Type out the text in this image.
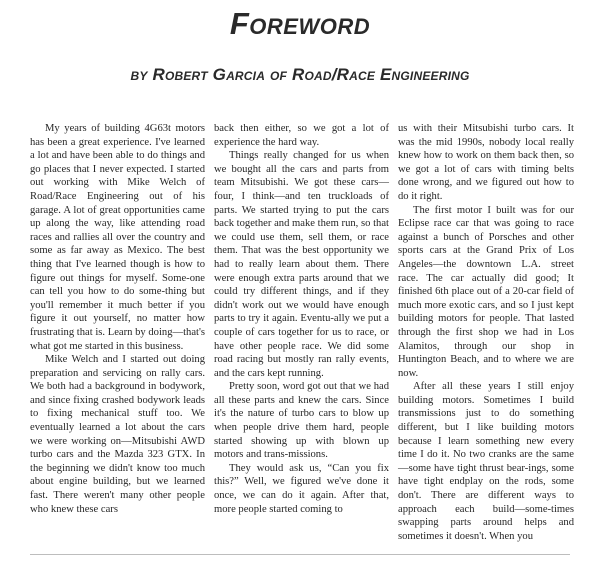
Foreword
by Robert Garcia of Road/Race Engineering

My years of building 4G63t motors has been a great experience. I've learned a lot and have been able to do things and go places that I never expected. I started out working with Mike Welch of Road/Race Engineering out of his garage. A lot of great opportunities came up along the way, like attending road races and rallies all over the country and some as far away as Mexico. The best thing that I've learned though is how to figure out things for myself. Some-one can tell you how to do some-thing but you'll remember it much better if you figure it out yourself, no matter how frustrating that is. Learn by doing—that's what got me started in this business.

Mike Welch and I started out doing preparation and servicing on rally cars. We both had a background in bodywork, and since fixing crashed bodywork leads to fixing mechanical stuff too. We eventually learned a lot about the cars we were working on—Mitsubishi AWD turbo cars and the Mazda 323 GTX. In the beginning we didn't know too much about engine building, but we learned fast. There weren't many other people who knew these cars

back then either, so we got a lot of experience the hard way.

Things really changed for us when we bought all the cars and parts from team Mitsubishi. We got these cars—four, I think—and ten truckloads of parts. We started trying to put the cars back together and make them run, so that we could use them, sell them, or race them. That was the best opportunity we had to really learn about them. There were enough extra parts around that we could try different things, and if they didn't work out we would have enough parts to try it again. Eventu-ally we put a couple of cars together for us to race, or have other people race. We did some road racing but mostly ran rally events, and the cars kept running.

Pretty soon, word got out that we had all these parts and knew the cars. Since it's the nature of turbo cars to blow up when people drive them hard, people started showing up with blown up motors and trans-missions.

They would ask us, “Can you fix this?” Well, we figured we've done it once, we can do it again. After that, more people started coming to

us with their Mitsubishi turbo cars. It was the mid 1990s, nobody local really knew how to work on them back then, so we got a lot of cars with timing belts done wrong, and we figured out how to do it right.

The first motor I built was for our Eclipse race car that was going to race against a bunch of Porsches and other sports cars at the Grand Prix of Los Angeles—the downtown L.A. street race. The car actually did good; It finished 6th place out of a 20-car field of much more exotic cars, and so I just kept building motors for people. That lasted through the first shop we had in Los Alamitos, through our shop in Huntington Beach, and to where we are now.

After all these years I still enjoy building motors. Sometimes I build transmissions just to do something different, but I like building motors because I learn something new every time I do it. No two cranks are the same—some have tight thrust bear-ings, some have tight endplay on the rods, some don't. There are different ways to approach each build—some-times swapping parts around helps and sometimes it doesn't. When you
